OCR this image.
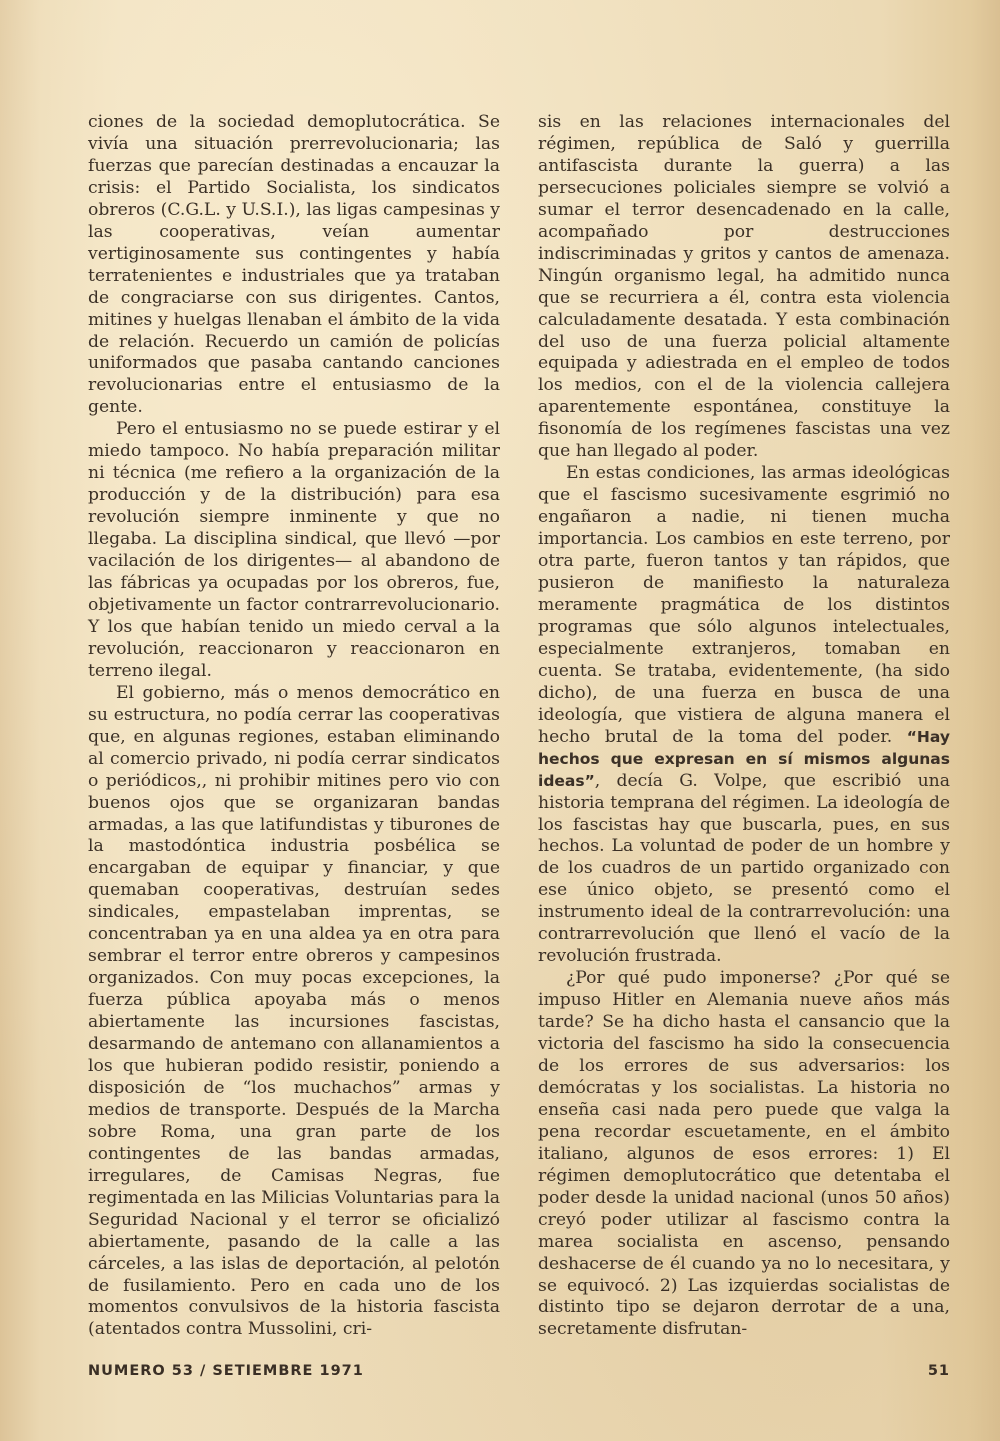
ciones de la sociedad demoplutocrática. Se vivía una situación prerrevolucionaria; las fuerzas que parecían destinadas a encauzar la crisis: el Partido Socialista, los sindicatos obreros (C.G.L. y U.S.I.), las ligas campesinas y las cooperativas, veían aumentar vertiginosamente sus contingentes y había terratenientes e industriales que ya trataban de congraciarse con sus dirigentes. Cantos, mitines y huelgas llenaban el ámbito de la vida de relación. Recuerdo un camión de policías uniformados que pasaba cantando canciones revolucionarias entre el entusiasmo de la gente.

Pero el entusiasmo no se puede estirar y el miedo tampoco. No había preparación militar ni técnica (me refiero a la organización de la producción y de la distribución) para esa revolución siempre inminente y que no llegaba. La disciplina sindical, que llevó —por vacilación de los dirigentes— al abandono de las fábricas ya ocupadas por los obreros, fue, objetivamente un factor contrarrevolucionario. Y los que habían tenido un miedo cerval a la revolución, reaccionaron y reaccionaron en terreno ilegal.

El gobierno, más o menos democrático en su estructura, no podía cerrar las cooperativas que, en algunas regiones, estaban eliminando al comercio privado, ni podía cerrar sindicatos o periódicos,, ni prohibir mitines pero vio con buenos ojos que se organizaran bandas armadas, a las que latifundistas y tiburones de la mastodóntica industria posbélica se encargaban de equipar y financiar, y que quemaban cooperativas, destruían sedes sindicales, empastelaban imprentas, se concentraban ya en una aldea ya en otra para sembrar el terror entre obreros y campesinos organizados. Con muy pocas excepciones, la fuerza pública apoyaba más o menos abiertamente las incursiones fascistas, desarmando de antemano con allanamientos a los que hubieran podido resistir, poniendo a disposición de “los muchachos” armas y medios de transporte. Después de la Marcha sobre Roma, una gran parte de los contingentes de las bandas armadas, irregulares, de Camisas Negras, fue regimentada en las Milicias Voluntarias para la Seguridad Nacional y el terror se oficializó abiertamente, pasando de la calle a las cárceles, a las islas de deportación, al pelotón de fusilamiento. Pero en cada uno de los momentos convulsivos de la historia fascista (atentados contra Mussolini, cri-

sis en las relaciones internacionales del régimen, república de Saló y guerrilla antifascista durante la guerra) a las persecuciones policiales siempre se volvió a sumar el terror desencadenado en la calle, acompañado por destrucciones indiscriminadas y gritos y cantos de amenaza. Ningún organismo legal, ha admitido nunca que se recurriera a él, contra esta violencia calculadamente desatada. Y esta combinación del uso de una fuerza policial altamente equipada y adiestrada en el empleo de todos los medios, con el de la violencia callejera aparentemente espontánea, constituye la fisonomía de los regímenes fascistas una vez que han llegado al poder.

En estas condiciones, las armas ideológicas que el fascismo sucesivamente esgrimió no engañaron a nadie, ni tienen mucha importancia. Los cambios en este terreno, por otra parte, fueron tantos y tan rápidos, que pusieron de manifiesto la naturaleza meramente pragmática de los distintos programas que sólo algunos intelectuales, especialmente extranjeros, tomaban en cuenta. Se trataba, evidentemente, (ha sido dicho), de una fuerza en busca de una ideología, que vistiera de alguna manera el hecho brutal de la toma del poder. “Hay hechos que expresan en sí mismos algunas ideas”, decía G. Volpe, que escribió una historia temprana del régimen. La ideología de los fascistas hay que buscarla, pues, en sus hechos. La voluntad de poder de un hombre y de los cuadros de un partido organizado con ese único objeto, se presentó como el instrumento ideal de la contrarrevolución: una contrarrevolución que llenó el vacío de la revolución frustrada.

¿Por qué pudo imponerse? ¿Por qué se impuso Hitler en Alemania nueve años más tarde? Se ha dicho hasta el cansancio que la victoria del fascismo ha sido la consecuencia de los errores de sus adversarios: los demócratas y los socialistas. La historia no enseña casi nada pero puede que valga la pena recordar escuetamente, en el ámbito italiano, algunos de esos errores: 1) El régimen demoplutocrático que detentaba el poder desde la unidad nacional (unos 50 años) creyó poder utilizar al fascismo contra la marea socialista en ascenso, pensando deshacerse de él cuando ya no lo necesitara, y se equivocó. 2) Las izquierdas socialistas de distinto tipo se dejaron derrotar de a una, secretamente disfrutan-

NUMERO 53 / SETIEMBRE 1971	51
